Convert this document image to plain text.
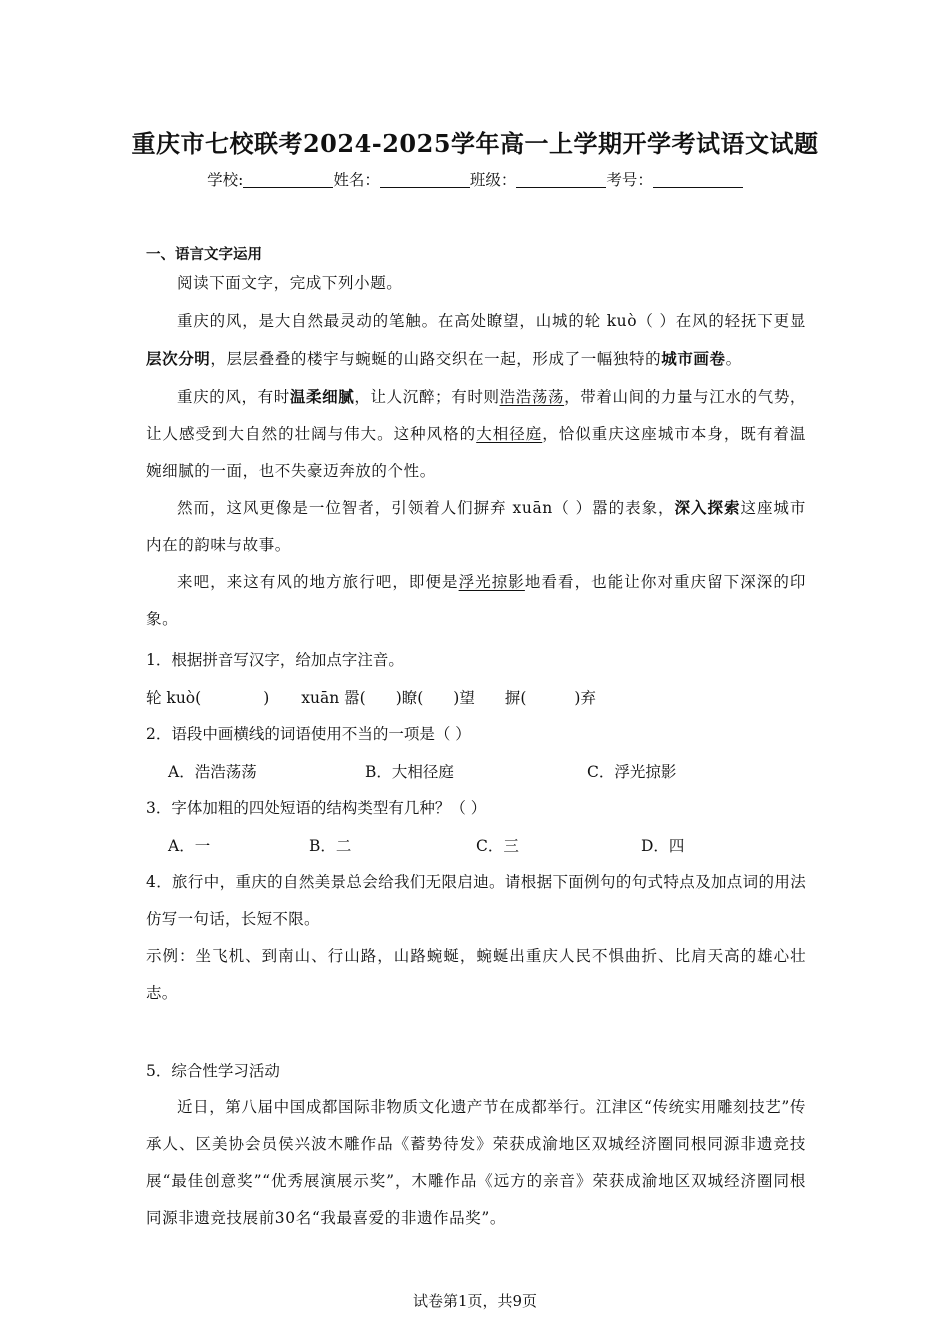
重庆市七校联考2024-2025学年高一上学期开学考试语文试题
学校:	姓名：	班级：	考号：
一、语言文字运用
阅读下面文字，完成下列小题。
重庆的风，是大自然最灵动的笔触。在高处瞭望，山城的轮 kuò（ ）在风的轻抚下更显层次分明，层层叠叠的楼宇与蜿蜒的山路交织在一起，形成了一幅独特的城市画卷。
重庆的风，有时温柔细腻，让人沉醉；有时则浩浩荡荡，带着山间的力量与江水的气势，让人感受到大自然的壮阔与伟大。这种风格的大相径庭，恰似重庆这座城市本身，既有着温婉细腻的一面，也不失豪迈奔放的个性。
然而，这风更像是一位智者，引领着人们摒弃 xuān（ ）嚣的表象，深入探索这座城市内在的韵味与故事。
来吧，来这有风的地方旅行吧，即便是浮光掠影地看看，也能让你对重庆留下深深的印象。
1．根据拼音写汉字，给加点字注音。
轮 kuò(	) xuān 嚣( )瞭( )望 摒(	)弃
2．语段中画横线的词语使用不当的一项是（ ）
A．浩浩荡荡	B．大相径庭	C．浮光掠影
3．字体加粗的四处短语的结构类型有几种？（ ）
A．一	B．二	C．三	D．四
4．旅行中，重庆的自然美景总会给我们无限启迪。请根据下面例句的句式特点及加点词的用法仿写一句话，长短不限。
示例：坐飞机、到南山、行山路，山路蜿蜒，蜿蜒出重庆人民不惧曲折、比肩天高的雄心壮志。
5．综合性学习活动
近日，第八届中国成都国际非物质文化遗产节在成都举行。江津区“传统实用雕刻技艺”传承人、区美协会员侯兴波木雕作品《蓄势待发》荣获成渝地区双城经济圈同根同源非遗竞技展“最佳创意奖”“优秀展演展示奖”，木雕作品《远方的亲音》荣获成渝地区双城经济圈同根同源非遗竞技展前30名“我最喜爱的非遗作品奖”。
试卷第1页，共9页
